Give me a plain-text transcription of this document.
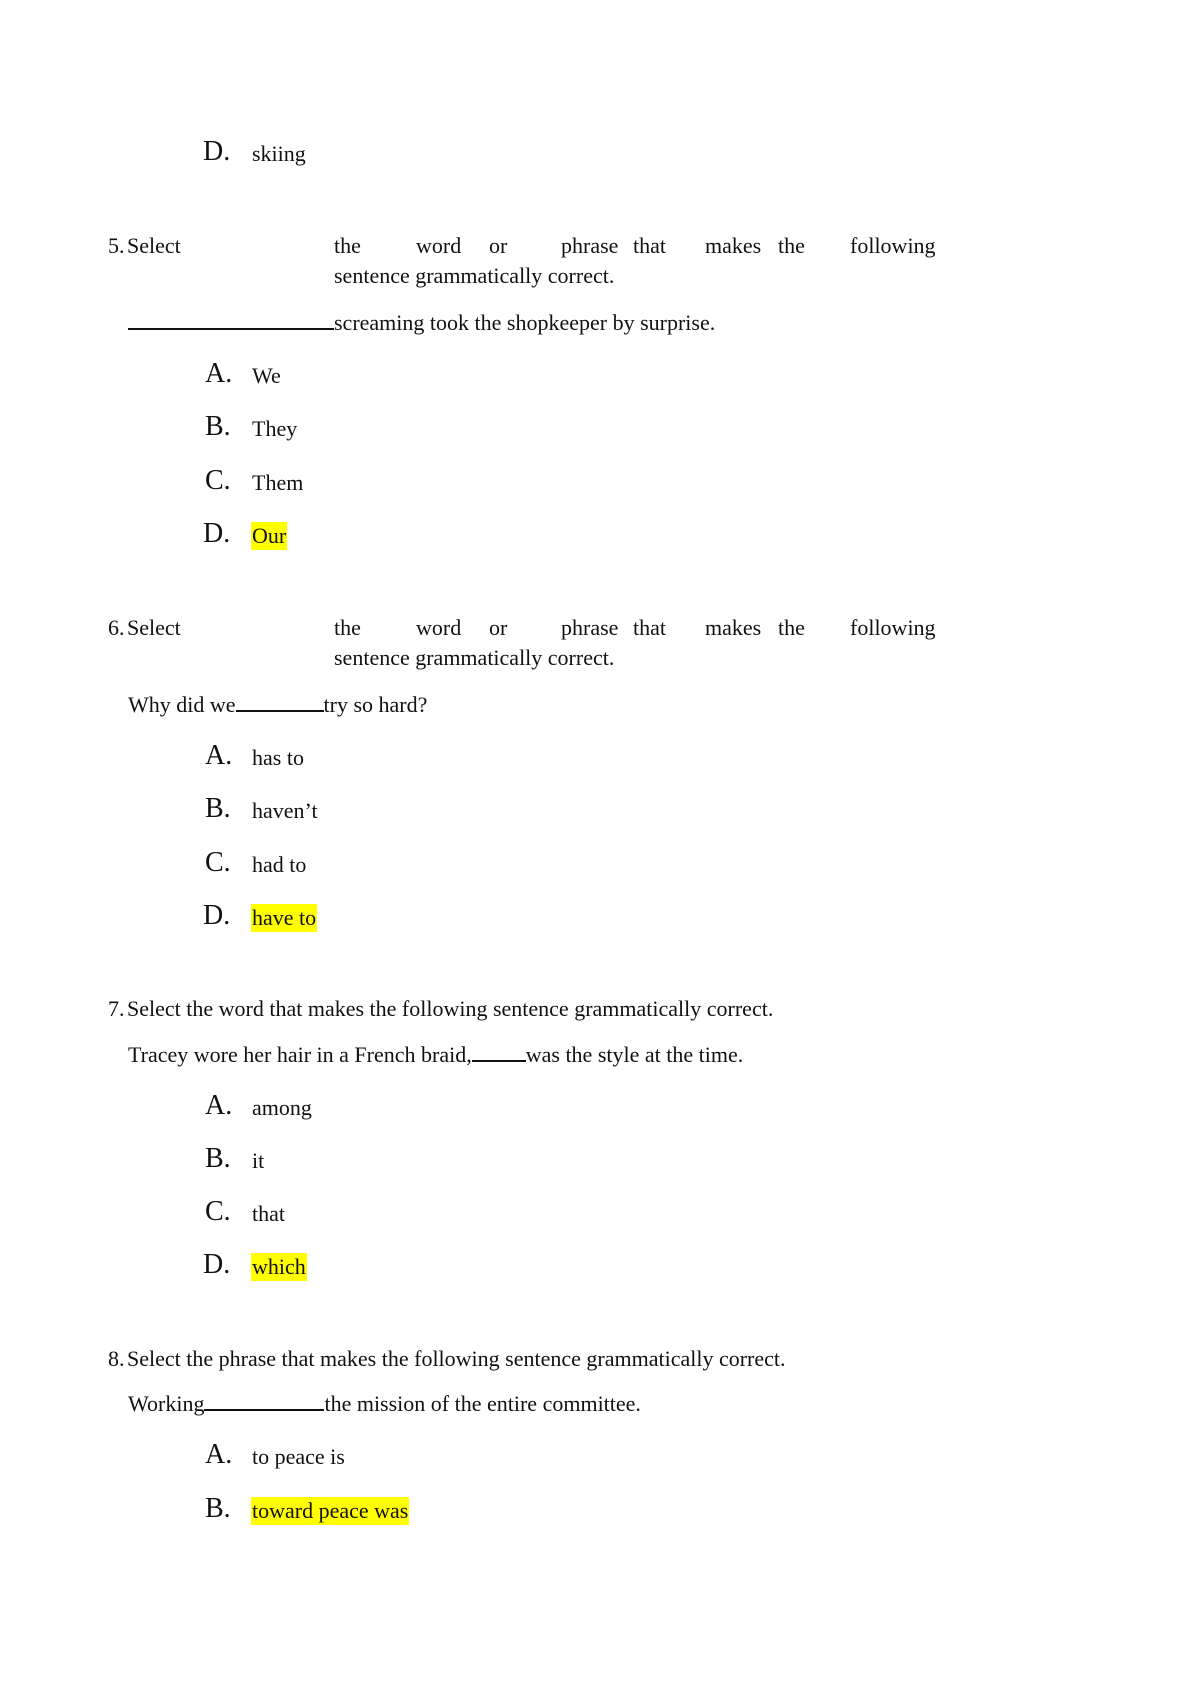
D. skiing
5. Select	the	word or phrase that makes the following
sentence grammatically correct.
screaming took the shopkeeper by surprise.
A. We
B. They
C. Them
D. Our
6. Select	the	word or phrase that makes the following
sentence grammatically correct.
Why did we	try so hard?
A. has to
B. haven’t
C. had to
D. have to
7. Select the word that makes the following sentence grammatically correct.
Tracey wore her hair in a French braid, was the style at the time.
A. among
B. it
C. that
D. which
8. Select the phrase that makes the following sentence grammatically correct.
Working	the mission of the entire committee.
A. to peace is
B. toward peace was
